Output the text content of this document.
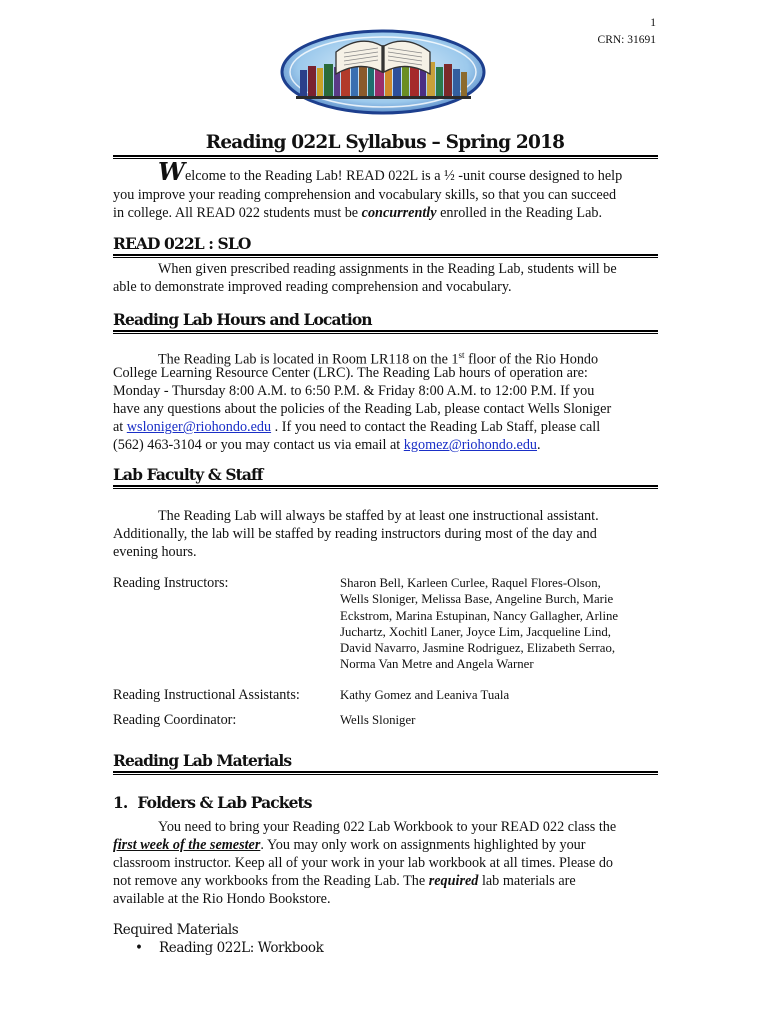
1
CRN: 31691
Reading 022L Syllabus – Spring 2018
Welcome to the Reading Lab! READ 022L is a ½ -unit course designed to help
you improve your reading comprehension and vocabulary skills, so that you can succeed
in college. All READ 022 students must be concurrently enrolled in the Reading Lab.
READ 022L : SLO
When given prescribed reading assignments in the Reading Lab, students will be
able to demonstrate improved reading comprehension and vocabulary.
Reading Lab Hours and Location
The Reading Lab is located in Room LR118 on the 1st floor of the Rio Hondo
College Learning Resource Center (LRC). The Reading Lab hours of operation are:
Monday - Thursday 8:00 A.M. to 6:50 P.M. & Friday 8:00 A.M. to 12:00 P.M. If you
have any questions about the policies of the Reading Lab, please contact Wells Sloniger
at wsloniger@riohondo.edu . If you need to contact the Reading Lab Staff, please call
(562) 463-3104 or you may contact us via email at kgomez@riohondo.edu.
Lab Faculty & Staff
The Reading Lab will always be staffed by at least one instructional assistant.
Additionally, the lab will be staffed by reading instructors during most of the day and
evening hours.
Reading Instructors:	Sharon Bell, Karleen Curlee, Raquel Flores-Olson,
Wells Sloniger, Melissa Base, Angeline Burch, Marie
Eckstrom, Marina Estupinan, Nancy Gallagher, Arline
Juchartz, Xochitl Laner, Joyce Lim, Jacqueline Lind,
David Navarro, Jasmine Rodriguez, Elizabeth Serrao,
Norma Van Metre and Angela Warner
Reading Instructional Assistants:	Kathy Gomez and Leaniva Tuala
Reading Coordinator:	Wells Sloniger
Reading Lab Materials
1. Folders & Lab Packets
You need to bring your Reading 022 Lab Workbook to your READ 022 class the
first week of the semester. You may only work on assignments highlighted by your
classroom instructor. Keep all of your work in your lab workbook at all times. Please do
not remove any workbooks from the Reading Lab. The required lab materials are
available at the Rio Hondo Bookstore.
Required Materials
• Reading 022L: Workbook
